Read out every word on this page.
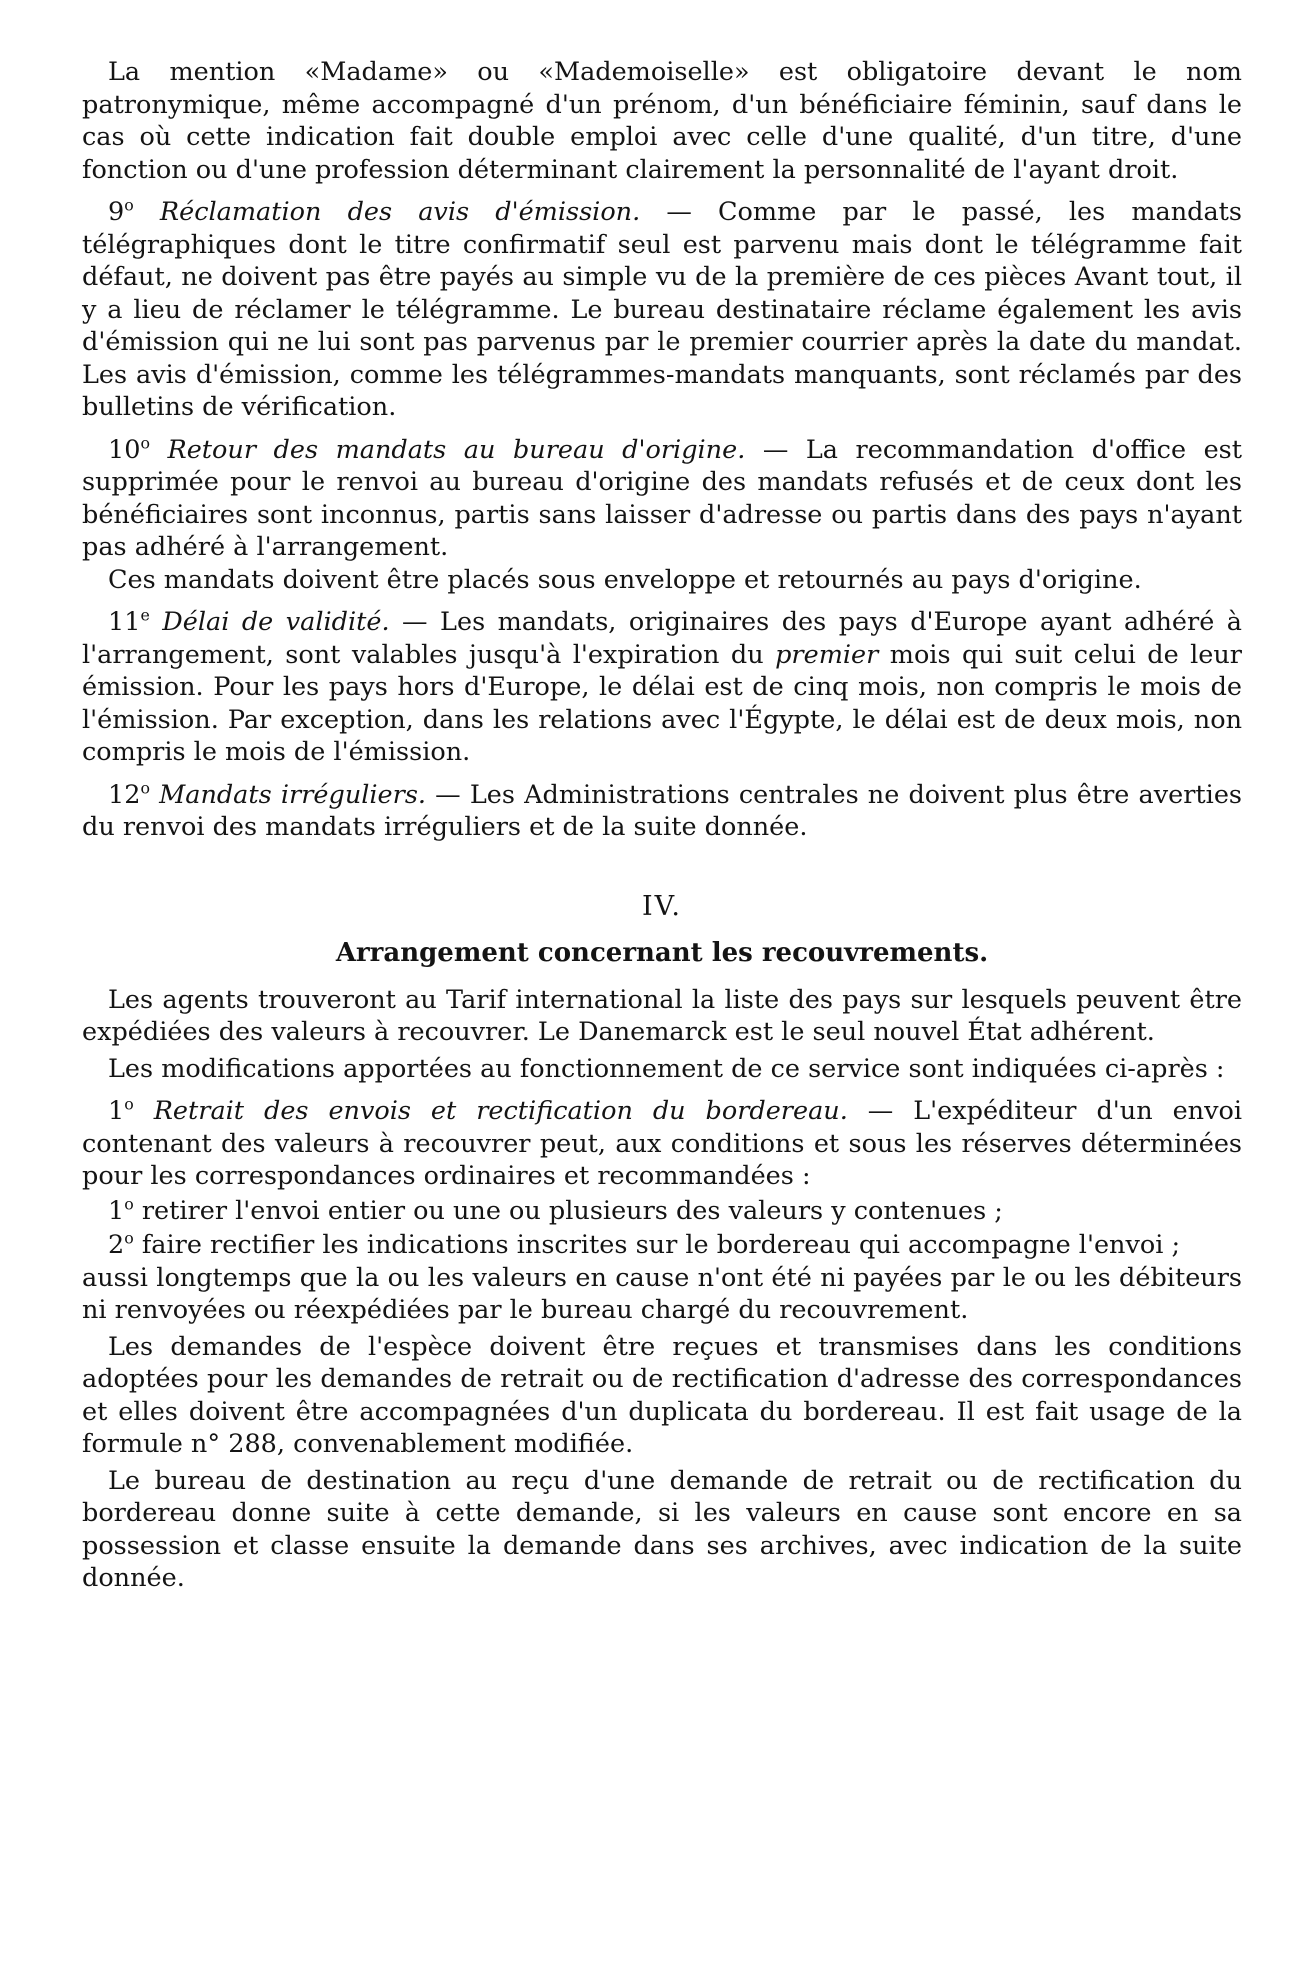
La mention «Madame» ou «Mademoiselle» est obligatoire devant le nom patronymique, même accompagné d'un prénom, d'un bénéficiaire féminin, sauf dans le cas où cette indication fait double emploi avec celle d'une qualité, d'un titre, d'une fonction ou d'une profession déterminant clairement la personnalité de l'ayant droit.

9$^o$ Réclamation des avis d'émission. — Comme par le passé, les mandats télégraphiques dont le titre confirmatif seul est parvenu mais dont le télégramme fait défaut, ne doivent pas être payés au simple vu de la première de ces pièces Avant tout, il y a lieu de réclamer le télégramme. Le bureau destinataire réclame également les avis d'émission qui ne lui sont pas parvenus par le premier courrier après la date du mandat. Les avis d'émission, comme les télégrammes-mandats manquants, sont réclamés par des bulletins de vérification.

10$^o$ Retour des mandats au bureau d'origine. — La recommandation d'office est supprimée pour le renvoi au bureau d'origine des mandats refusés et de ceux dont les bénéficiaires sont inconnus, partis sans laisser d'adresse ou partis dans des pays n'ayant pas adhéré à l'arrangement.

Ces mandats doivent être placés sous enveloppe et retournés au pays d'origine.

11e Délai de validité. — Les mandats, originaires des pays d'Europe ayant adhéré à l'arrangement, sont valables jusqu'à l'expiration du premier mois qui suit celui de leur émission. Pour les pays hors d'Europe, le délai est de cinq mois, non compris le mois de l'émission. Par exception, dans les relations avec l'Égypte, le délai est de deux mois, non compris le mois de l'émission.

12$^o$ Mandats irréguliers. — Les Administrations centrales ne doivent plus être averties du renvoi des mandats irréguliers et de la suite donnée.

IV.
Arrangement concernant les recouvrements.

Les agents trouveront au Tarif international la liste des pays sur lesquels peuvent être expédiées des valeurs à recouvrer. Le Danemarck est le seul nouvel État adhérent.

Les modifications apportées au fonctionnement de ce service sont indiquées ci-après :

1$^o$ Retrait des envois et rectification du bordereau. — L'expéditeur d'un envoi contenant des valeurs à recouvrer peut, aux conditions et sous les réserves déterminées pour les correspondances ordinaires et recommandées :

1$^o$ retirer l'envoi entier ou une ou plusieurs des valeurs y contenues ;

2$^o$ faire rectifier les indications inscrites sur le bordereau qui accompagne l'envoi ;

aussi longtemps que la ou les valeurs en cause n'ont été ni payées par le ou les débiteurs ni renvoyées ou réexpédiées par le bureau chargé du recouvrement.

Les demandes de l'espèce doivent être reçues et transmises dans les conditions adoptées pour les demandes de retrait ou de rectification d'adresse des correspondances et elles doivent être accompagnées d'un duplicata du bordereau. Il est fait usage de la formule n° 288, convenablement modifiée.

Le bureau de destination au reçu d'une demande de retrait ou de rectification du bordereau donne suite à cette demande, si les valeurs en cause sont encore en sa possession et classe ensuite la demande dans ses archives, avec indication de la suite donnée.
